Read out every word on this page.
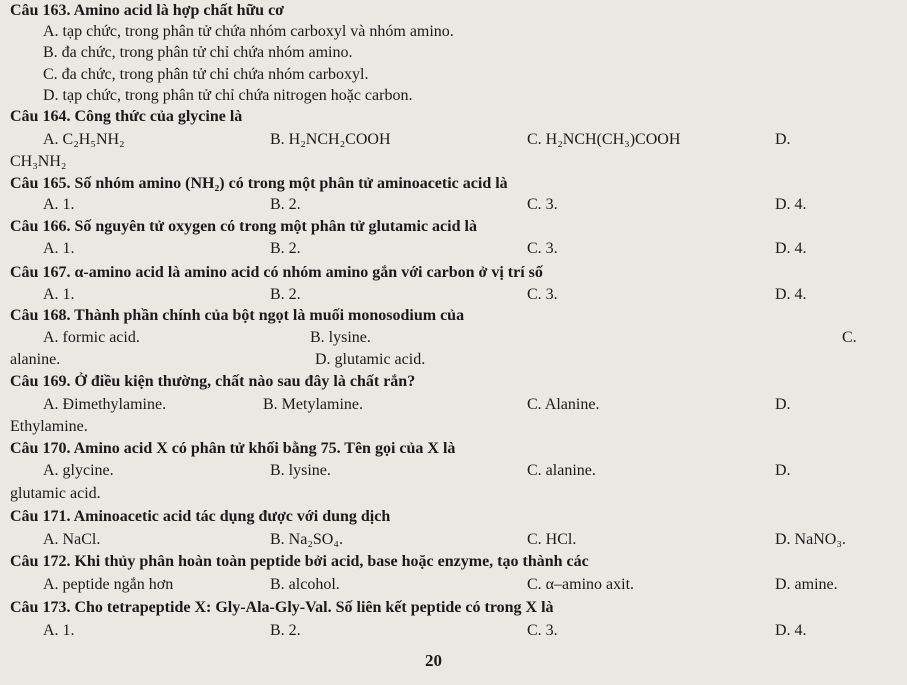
Câu 163. Amino acid là hợp chất hữu cơ
A. tạp chức, trong phân tử chứa nhóm carboxyl và nhóm amino.
B. đa chức, trong phân tử chỉ chứa nhóm amino.
C. đa chức, trong phân tử chỉ chứa nhóm carboxyl.
D. tạp chức, trong phân tử chỉ chứa nitrogen hoặc carbon.
Câu 164. Công thức của glycine là
A. C₂H₅NH₂	B. H₂NCH₂COOH	C. H₂NCH(CH₃)COOH	D.
CH₃NH₂
Câu 165. Số nhóm amino (NH₂) có trong một phân tử aminoacetic acid là
A. 1.	B. 2.	C. 3.	D. 4.
Câu 166. Số nguyên tử oxygen có trong một phân tử glutamic acid là
A. 1.	B. 2.	C. 3.	D. 4.
Câu 167. α-amino acid là amino acid có nhóm amino gắn với carbon ở vị trí số
A. 1.	B. 2.	C. 3.	D. 4.
Câu 168. Thành phần chính của bột ngọt là muối monosodium của
A. formic acid.	B. lysine.	C.
alanine.	D. glutamic acid.
Câu 169. Ở điều kiện thường, chất nào sau đây là chất rắn?
A. Đimethylamine.	B. Metylamine.	C. Alanine.	D.
Ethylamine.
Câu 170. Amino acid X có phân tử khối bằng 75. Tên gọi của X là
A. glycine.	B. lysine.	C. alanine.	D.
glutamic acid.
Câu 171. Aminoacetic acid tác dụng được với dung dịch
A. NaCl.	B. Na₂SO₄.	C. HCl.	D. NaNO₃.
Câu 172. Khi thủy phân hoàn toàn peptide bởi acid, base hoặc enzyme, tạo thành các
A. peptide ngắn hơn	B. alcohol.	C. α–amino axit.	D. amine.
Câu 173. Cho tetrapeptide X: Gly-Ala-Gly-Val. Số liên kết peptide có trong X là
A. 1.	B. 2.	C. 3.	D. 4.
20
